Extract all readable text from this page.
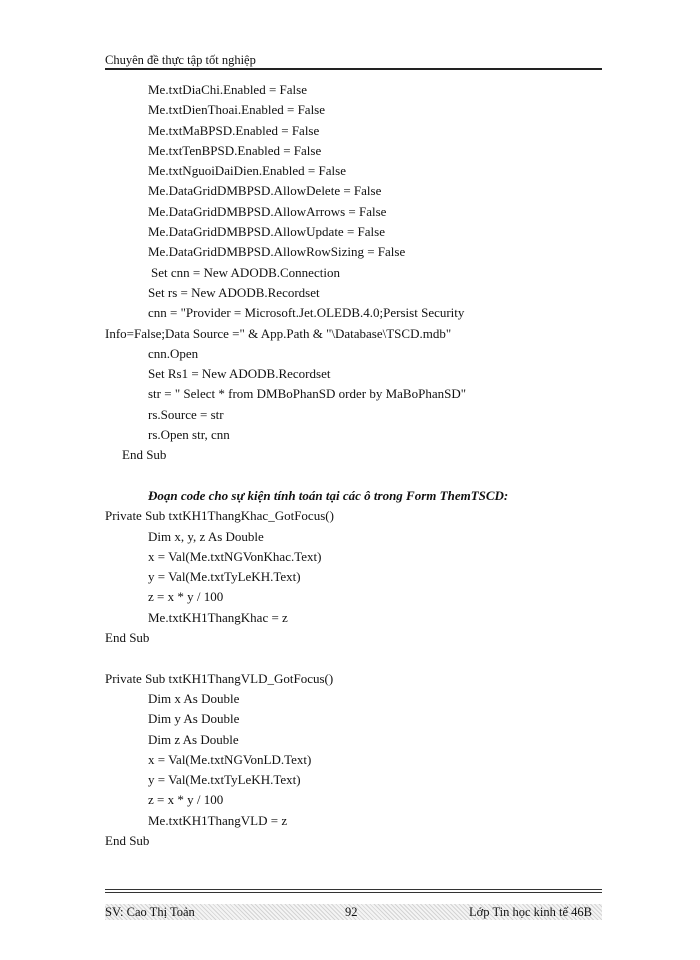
Chuyên đề thực tập tốt nghiệp
Me.txtDiaChi.Enabled = False
Me.txtDienThoai.Enabled = False
Me.txtMaBPSD.Enabled = False
Me.txtTenBPSD.Enabled = False
Me.txtNguoiDaiDien.Enabled = False
Me.DataGridDMBPSD.AllowDelete = False
Me.DataGridDMBPSD.AllowArrows = False
Me.DataGridDMBPSD.AllowUpdate = False
Me.DataGridDMBPSD.AllowRowSizing = False
Set cnn = New ADODB.Connection
Set rs = New ADODB.Recordset
cnn = "Provider = Microsoft.Jet.OLEDB.4.0;Persist Security
Info=False;Data Source =" & App.Path & "\Database\TSCD.mdb"
cnn.Open
Set Rs1 = New ADODB.Recordset
str = " Select * from DMBoPhanSD order by MaBoPhanSD"
rs.Source = str
rs.Open str, cnn
End Sub
Đoạn code cho sự kiện tính toán tại các ô trong Form ThemTSCD:
Private Sub txtKH1ThangKhac_GotFocus()
Dim x, y, z As Double
x = Val(Me.txtNGVonKhac.Text)
y = Val(Me.txtTyLeKH.Text)
z = x * y / 100
Me.txtKH1ThangKhac = z
End Sub
Private Sub txtKH1ThangVLD_GotFocus()
Dim x As Double
Dim y As Double
Dim z As Double
x = Val(Me.txtNGVonLD.Text)
y = Val(Me.txtTyLeKH.Text)
z = x * y / 100
Me.txtKH1ThangVLD = z
End Sub
SV: Cao Thị Toản	92	Lớp Tin học kinh tế 46B
